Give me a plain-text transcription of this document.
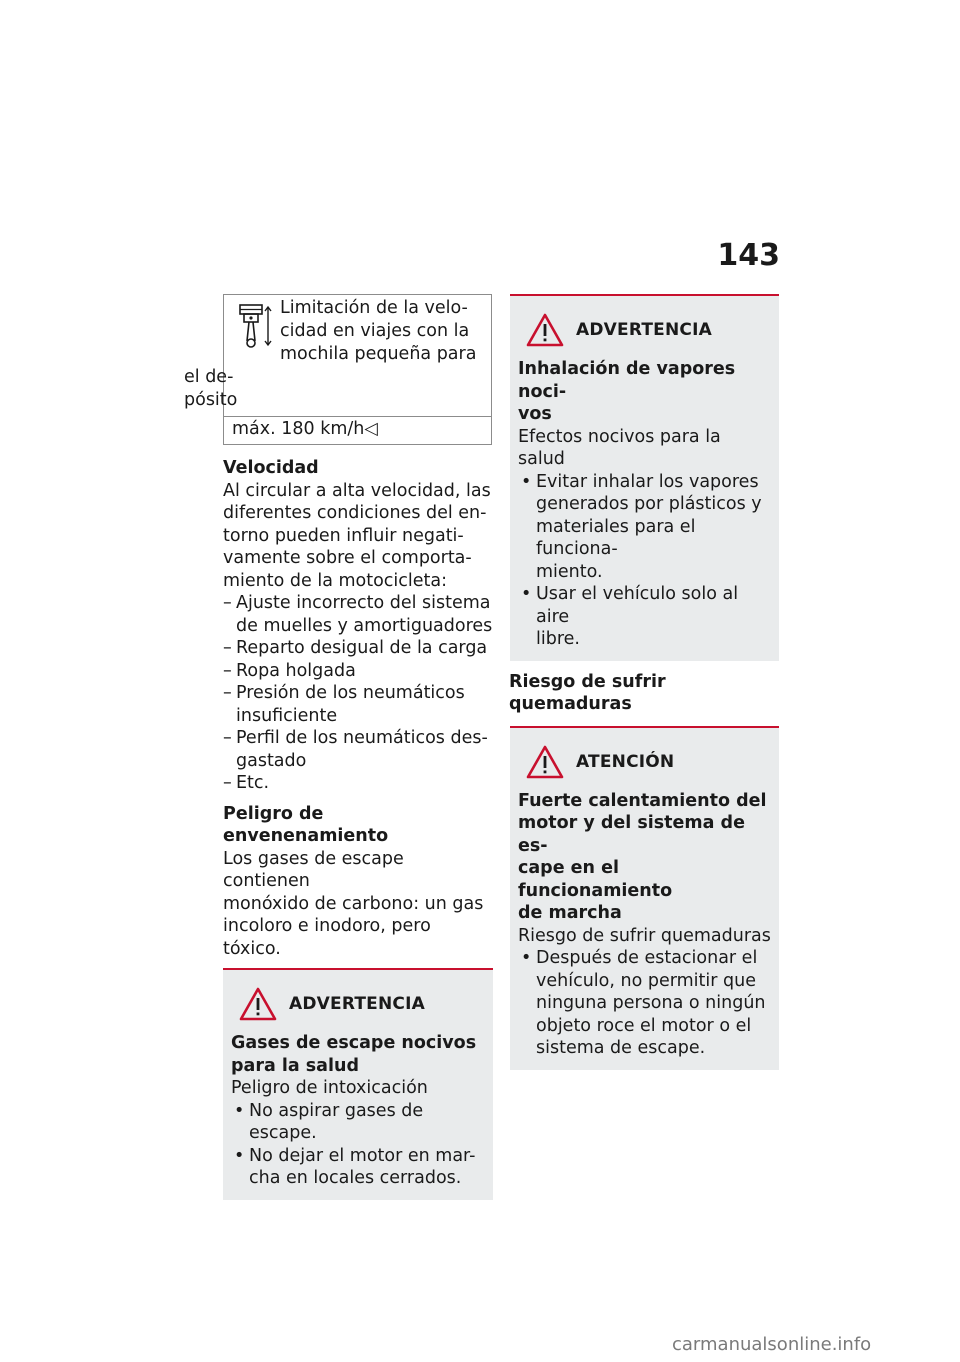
143
Limitación de la velo-
cidad en viajes con la
mochila pequeña para el de-
pósito
máx. 180 km/h◁
Velocidad
Al circular a alta velocidad, las
diferentes condiciones del en-
torno pueden influir negati-
vamente sobre el comporta-
miento de la motocicleta:
– Ajuste incorrecto del sistema
de muelles y amortiguadores
– Reparto desigual de la carga
– Ropa holgada
– Presión de los neumáticos
insuficiente
– Perfil de los neumáticos des-
gastado
– Etc.
Peligro de envenenamiento
Los gases de escape contienen
monóxido de carbono: un gas
incoloro e inodoro, pero tóxico.
ADVERTENCIA
Gases de escape nocivos
para la salud
Peligro de intoxicación
• No aspirar gases de escape.
• No dejar el motor en mar-
cha en locales cerrados.
ADVERTENCIA
Inhalación de vapores noci-
vos
Efectos nocivos para la salud
• Evitar inhalar los vapores
generados por plásticos y
materiales para el funciona-
miento.
• Usar el vehículo solo al aire
libre.
Riesgo de sufrir quemaduras
ATENCIÓN
Fuerte calentamiento del
motor y del sistema de es-
cape en el funcionamiento
de marcha
Riesgo de sufrir quemaduras
• Después de estacionar el
vehículo, no permitir que
ninguna persona o ningún
objeto roce el motor o el
sistema de escape.
carmanualsonline.info
